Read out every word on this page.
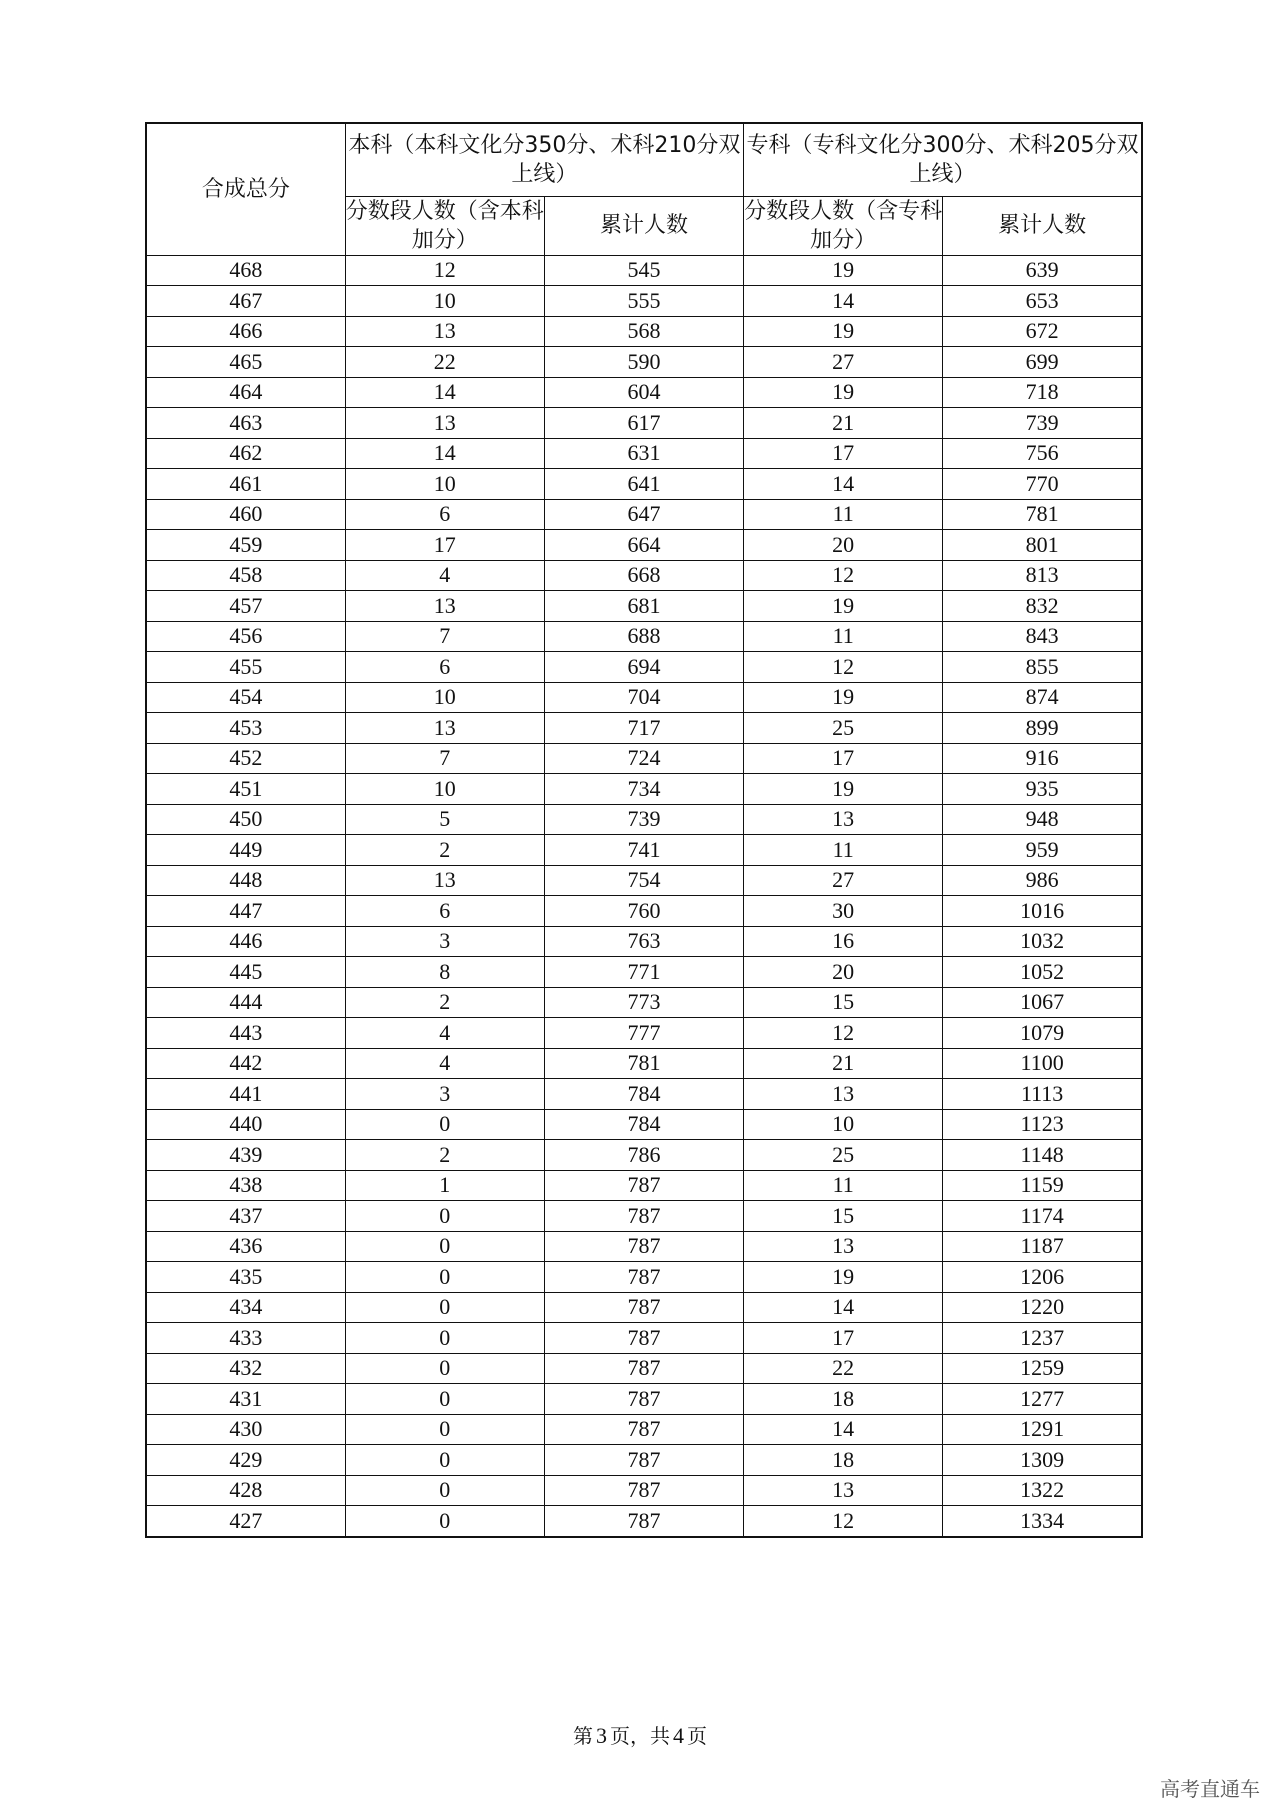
合成总分	本科（本科文化分350分、术科210分双上线）		专科（专科文化分300分、术科205分双上线）	

	分数段人数（含本科加分）	累计人数	分数段人数（含专科加分）	累计人数
468	12	545	19	639
467	10	555	14	653
466	13	568	19	672
465	22	590	27	699
464	14	604	19	718
463	13	617	21	739
462	14	631	17	756
461	10	641	14	770
460	6	647	11	781
459	17	664	20	801
458	4	668	12	813
457	13	681	19	832
456	7	688	11	843
455	6	694	12	855
454	10	704	19	874
453	13	717	25	899
452	7	724	17	916
451	10	734	19	935
450	5	739	13	948
449	2	741	11	959
448	13	754	27	986
447	6	760	30	1016
446	3	763	16	1032
445	8	771	20	1052
444	2	773	15	1067
443	4	777	12	1079
442	4	781	21	1100
441	3	784	13	1113
440	0	784	10	1123
439	2	786	25	1148
438	1	787	11	1159
437	0	787	15	1174
436	0	787	13	1187
435	0	787	19	1206
434	0	787	14	1220
433	0	787	17	1237
432	0	787	22	1259
431	0	787	18	1277
430	0	787	14	1291
429	0	787	18	1309
428	0	787	13	1322
427	0	787	12	1334
第 3 页，共 4 页
高考直通车
